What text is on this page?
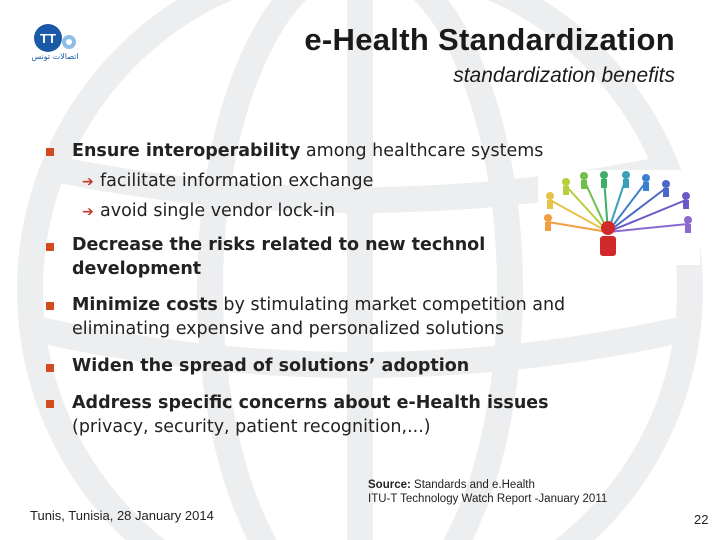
TT
اتصالات تونس	e-Health Standardization
standardization benefits
Ensure interoperability among healthcare systems
➔ facilitate information exchange
➔ avoid single vendor lock-in
Decrease the risks related to new technol
development
Minimize costs by stimulating market competition and
eliminating expensive and personalized solutions
Widen the spread of solutions’ adoption
Address specific concerns about e-Health issues
(privacy, security, patient recognition,...)
Source: Standards and e.Health
ITU-T Technology Watch Report -January 2011
Tunis, Tunisia, 28 January 2014	22
